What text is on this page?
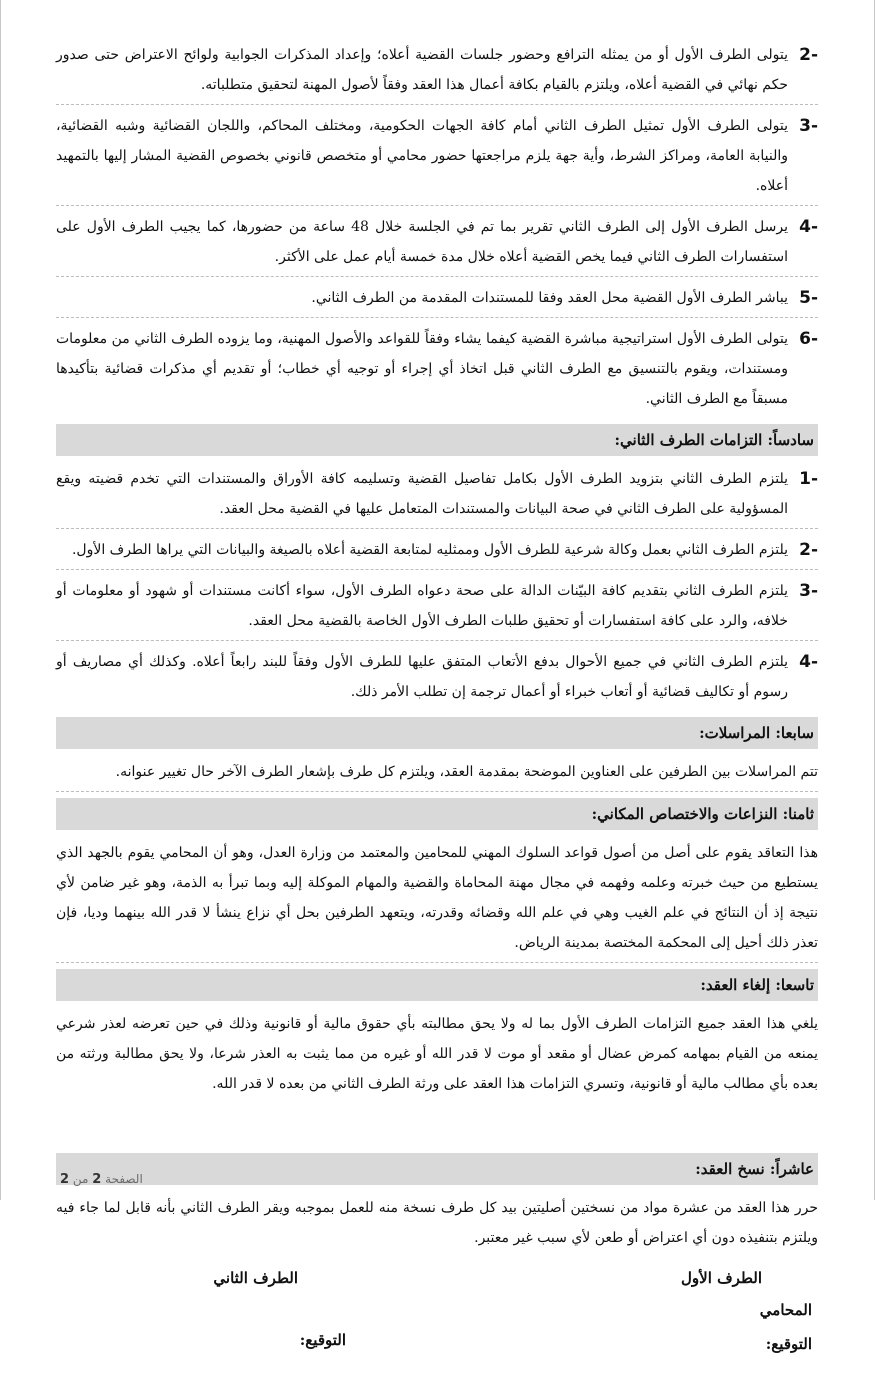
2-
يتولى الطرف الأول أو من يمثله الترافع وحضور جلسات القضية أعلاه؛ وإعداد المذكرات الجوابية ولوائح الاعتراض حتى صدور حكم نهائي في القضية أعلاه، ويلتزم بالقيام بكافة أعمال هذا العقد وفقاً لأصول المهنة لتحقيق متطلباته.
3-
يتولى الطرف الأول تمثيل الطرف الثاني أمام كافة الجهات الحكومية، ومختلف المحاكم، واللجان القضائية وشبه القضائية، والنيابة العامة، ومراكز الشرط، وأية جهة يلزم مراجعتها حضور محامي أو متخصص قانوني بخصوص القضية المشار إليها بالتمهيد أعلاه.
4-
يرسل الطرف الأول إلى الطرف الثاني تقرير بما تم في الجلسة خلال 48 ساعة من حضورها، كما يجيب الطرف الأول على استفسارات الطرف الثاني فيما يخص القضية أعلاه خلال مدة خمسة أيام عمل على الأكثر.
5-
يباشر الطرف الأول القضية محل العقد وفقا للمستندات المقدمة من الطرف الثاني.
6-
يتولى الطرف الأول استراتيجية مباشرة القضية كيفما يشاء وفقاً للقواعد والأصول المهنية، وما يزوده الطرف الثاني من معلومات ومستندات، ويقوم بالتنسيق مع الطرف الثاني قبل اتخاذ أي إجراء أو توجيه أي خطاب؛ أو تقديم أي مذكرات قضائية بتأكيدها مسبقاً مع الطرف الثاني.
سادساً: التزامات الطرف الثاني:
1-
يلتزم الطرف الثاني بتزويد الطرف الأول بكامل تفاصيل القضية وتسليمه كافة الأوراق والمستندات التي تخدم قضيته ويقع المسؤولية على الطرف الثاني في صحة البيانات والمستندات المتعامل عليها في القضية محل العقد.
2-
يلتزم الطرف الثاني بعمل وكالة شرعية للطرف الأول وممثليه لمتابعة القضية أعلاه بالصيغة والبيانات التي يراها الطرف الأول.
3-
يلتزم الطرف الثاني بتقديم كافة البيّنات الدالة على صحة دعواه الطرف الأول، سواء أكانت مستندات أو شهود أو معلومات أو خلافه، والرد على كافة استفسارات أو تحقيق طلبات الطرف الأول الخاصة بالقضية محل العقد.
4-
يلتزم الطرف الثاني في جميع الأحوال بدفع الأتعاب المتفق عليها للطرف الأول وفقاً للبند رابعاً أعلاه. وكذلك أي مصاريف أو رسوم أو تكاليف قضائية أو أتعاب خبراء أو أعمال ترجمة إن تطلب الأمر ذلك.
سابعا: المراسلات:
تتم المراسلات بين الطرفين على العناوين الموضحة بمقدمة العقد، ويلتزم كل طرف بإشعار الطرف الآخر حال تغيير عنوانه.
ثامنا: النزاعات والاختصاص المكاني:
هذا التعاقد يقوم على أصل من أصول قواعد السلوك المهني للمحامين والمعتمد من وزارة العدل، وهو أن المحامي يقوم بالجهد الذي يستطيع من حيث خبرته وعلمه وفهمه في مجال مهنة المحاماة والقضية والمهام الموكلة إليه وبما تبرأ به الذمة، وهو غير ضامن لأي نتيجة إذ أن النتائج في علم الغيب وهي في علم الله وقضائه وقدرته، ويتعهد الطرفين بحل أي نزاع ينشأ لا قدر الله بينهما وديا، فإن تعذر ذلك أحيل إلى المحكمة المختصة بمدينة الرياض.
تاسعا: إلغاء العقد:
يلغي هذا العقد جميع التزامات الطرف الأول بما له ولا يحق مطالبته بأي حقوق مالية أو قانونية وذلك في حين تعرضه لعذر شرعي يمنعه من القيام بمهامه كمرض عضال أو مقعد أو موت لا قدر الله أو غيره من مما يثبت به العذر شرعا، ولا يحق مطالبة ورثته من بعده بأي مطالب مالية أو قانونية، وتسري التزامات هذا العقد على ورثة الطرف الثاني من بعده لا قدر الله.
عاشراً: نسخ العقد:
حرر هذا العقد من عشرة مواد من نسختين أصليتين بيد كل طرف نسخة منه للعمل بموجبه ويقر الطرف الثاني بأنه قابل لما جاء فيه ويلتزم بتنفيذه دون أي اعتراض أو طعن لأي سبب غير معتبر.
الطرف الأول
الطرف الثاني
المحامي
التوقيع:
التوقيع:
الصفحة 2 من 2
